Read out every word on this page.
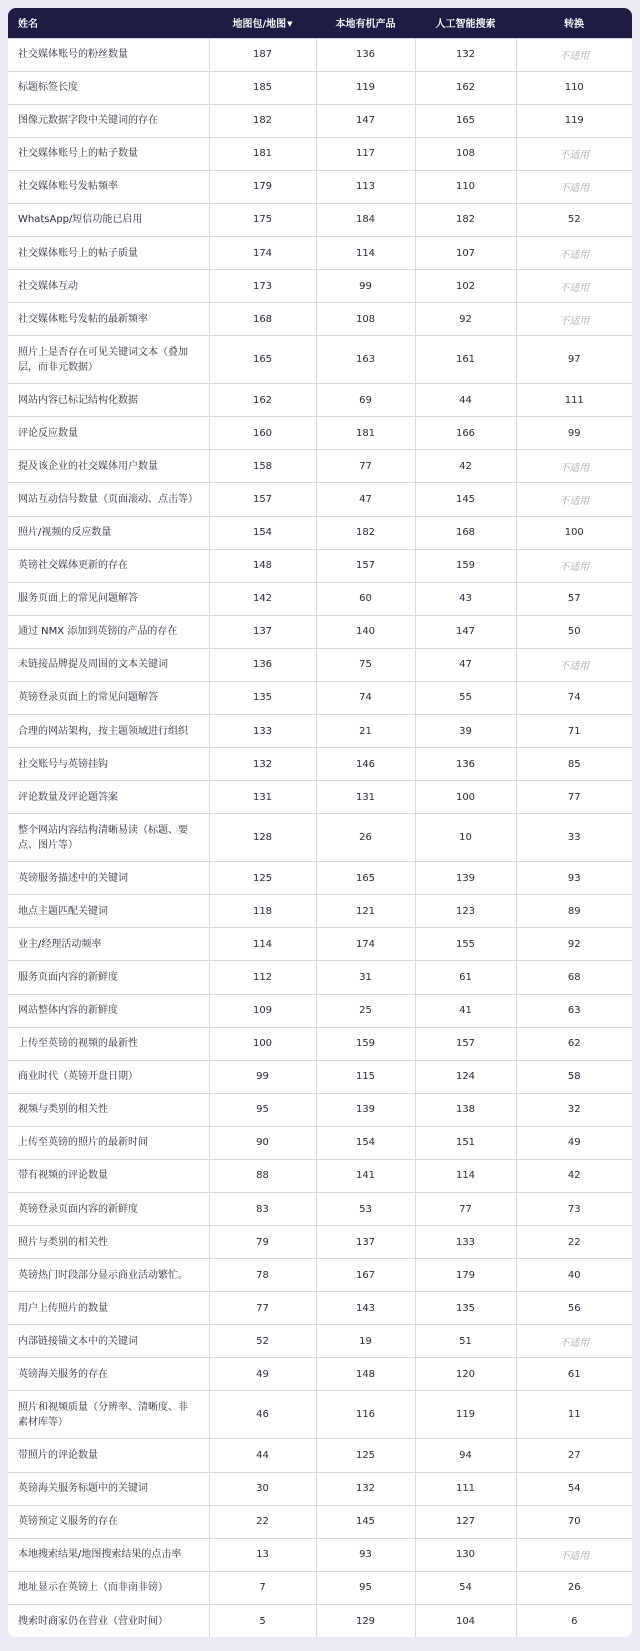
姓名	地图包/地图▼	本地有机产品	人工智能搜索	转换
社交媒体账号的粉丝数量	187	136	132	不适用
标题标签长度	185	119	162	110
图像元数据字段中关键词的存在	182	147	165	119
社交媒体账号上的帖子数量	181	117	108	不适用
社交媒体账号发帖频率	179	113	110	不适用
WhatsApp/短信功能已启用	175	184	182	52
社交媒体账号上的帖子质量	174	114	107	不适用
社交媒体互动	173	99	102	不适用
社交媒体账号发帖的最新频率	168	108	92	不适用
照片上是否存在可见关键词文本（叠加层，而非元数据）	165	163	161	97
网站内容已标记结构化数据	162	69	44	111
评论反应数量	160	181	166	99
提及该企业的社交媒体用户数量	158	77	42	不适用
网站互动信号数量（页面滚动、点击等）	157	47	145	不适用
照片/视频的反应数量	154	182	168	100
英镑社交媒体更新的存在	148	157	159	不适用
服务页面上的常见问题解答	142	60	43	57
通过 NMX 添加到英镑的产品的存在	137	140	147	50
未链接品牌提及周围的文本关键词	136	75	47	不适用
英镑登录页面上的常见问题解答	135	74	55	74
合理的网站架构，按主题领域进行组织	133	21	39	71
社交账号与英镑挂钩	132	146	136	85
评论数量及评论题答案	131	131	100	77
整个网站内容结构清晰易读（标题、要点、图片等）	128	26	10	33
英镑服务描述中的关键词	125	165	139	93
地点主题匹配关键词	118	121	123	89
业主/经理活动频率	114	174	155	92
服务页面内容的新鲜度	112	31	61	68
网站整体内容的新鲜度	109	25	41	63
上传至英镑的视频的最新性	100	159	157	62
商业时代（英镑开盘日期）	99	115	124	58
视频与类别的相关性	95	139	138	32
上传至英镑的照片的最新时间	90	154	151	49
带有视频的评论数量	88	141	114	42
英镑登录页面内容的新鲜度	83	53	77	73
照片与类别的相关性	79	137	133	22
英镑热门时段部分显示商业活动繁忙。	78	167	179	40
用户上传照片的数量	77	143	135	56
内部链接锚文本中的关键词	52	19	51	不适用
英镑海关服务的存在	49	148	120	61
照片和视频质量（分辨率、清晰度、非素材库等）	46	116	119	11
带照片的评论数量	44	125	94	27
英镑海关服务标题中的关键词	30	132	111	54
英镑预定义服务的存在	22	145	127	70
本地搜索结果/地图搜索结果的点击率	13	93	130	不适用
地址显示在英镑上（而非南非镑）	7	95	54	26
搜索时商家仍在营业（营业时间）	5	129	104	6
